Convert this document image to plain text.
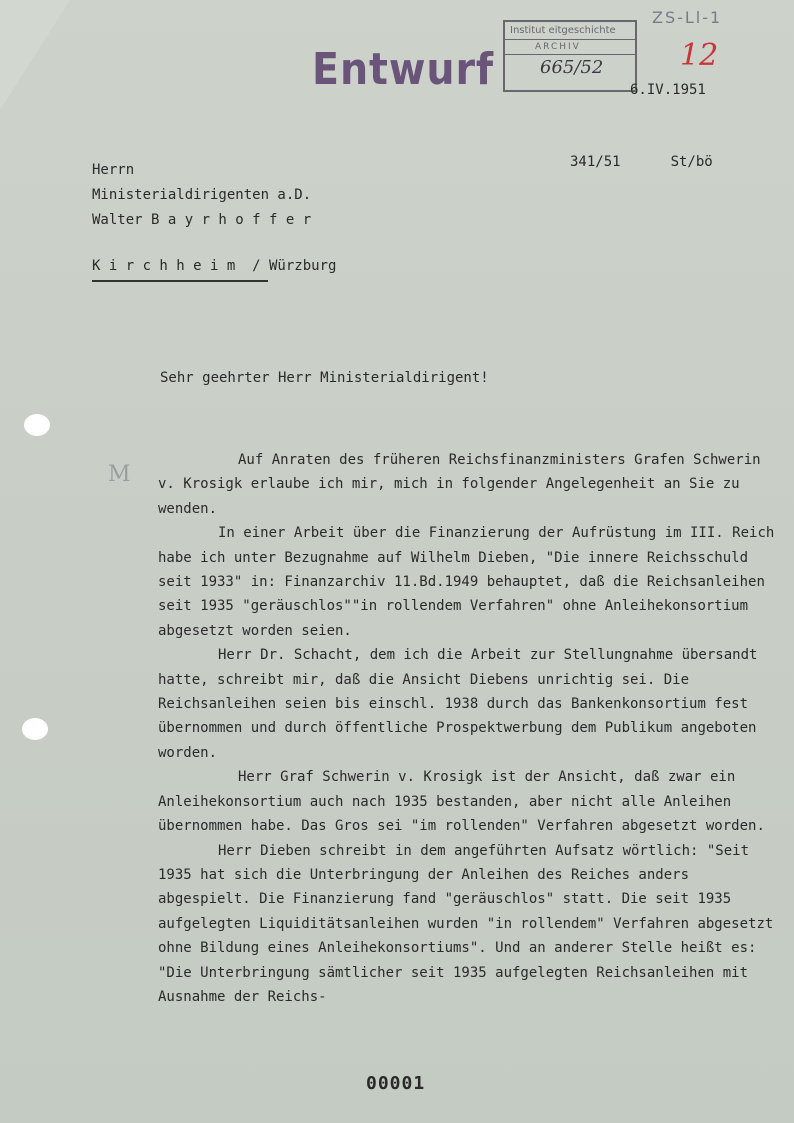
Entwurf
Institut eitgeschichte
ARCHIV
665/52
ZS-Ll-1
12
6.IV.1951
341/51	St/bö
Herrn
Ministerialdirigenten a.D.
Walter B a y r h o f f e r
K i r c h h e i m  / Würzburg
Sehr geehrter Herr Ministerialdirigent!
M

Auf Anraten des früheren Reichsfinanzministers Grafen Schwerin v. Krosigk erlaube ich mir, mich in folgender Angelegenheit an Sie zu wenden.

In einer Arbeit über die Finanzierung der Aufrüstung im III. Reich habe ich unter Bezugnahme auf Wilhelm Dieben, "Die innere Reichsschuld seit 1933" in: Finanzarchiv 11.Bd.1949 behauptet, daß die Reichsanleihen seit 1935 "geräuschlos""in rollendem Verfahren" ohne Anleihekonsortium abgesetzt worden seien.

Herr Dr. Schacht, dem ich die Arbeit zur Stellungnahme übersandt hatte, schreibt mir, daß die Ansicht Diebens unrichtig sei. Die Reichsanleihen seien bis einschl. 1938 durch das Bankenkonsortium fest übernommen und durch öffentliche Prospektwerbung dem Publikum angeboten worden.

Herr Graf Schwerin v. Krosigk ist der Ansicht, daß zwar ein Anleihekonsortium auch nach 1935 bestanden, aber nicht alle Anleihen übernommen habe. Das Gros sei "im rollenden" Verfahren abgesetzt worden.

Herr Dieben schreibt in dem angeführten Aufsatz wörtlich: "Seit 1935 hat sich die Unterbringung der Anleihen des Reiches anders abgespielt. Die Finanzierung fand "geräuschlos" statt. Die seit 1935 aufgelegten Liquiditätsanleihen wurden "in rollendem" Verfahren abgesetzt ohne Bildung eines Anleihekonsortiums". Und an anderer Stelle heißt es: "Die Unterbringung sämtlicher seit 1935 aufgelegten Reichsanleihen mit Ausnahme der Reichs-

00001
